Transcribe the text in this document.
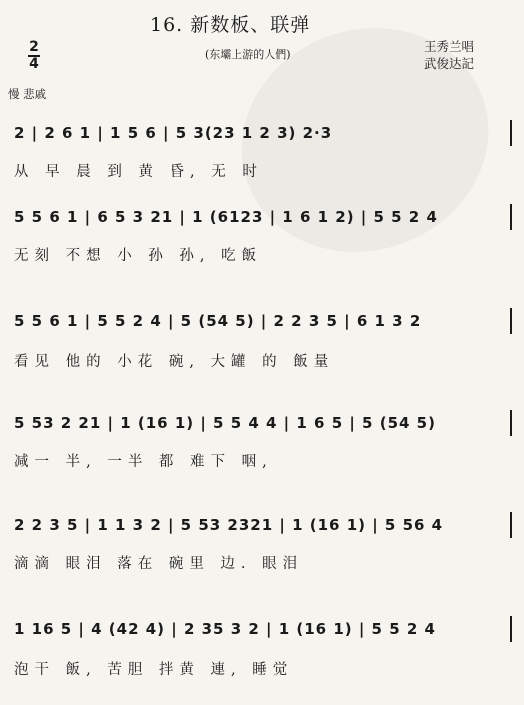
16. 新数板、联弹
(东壩上游的人們)
王秀兰唱
武俊达記
2
4
慢 悲戚
2 | 2 6 1 | 1 5 6 | 5 3(23 1 2 3) 2·3
从 早 晨 到 黄 昏, 无 时
5 5 6 1 | 6 5 3 21 | 1 (6123 | 1 6 1 2) | 5 5 2 4
无刻 不想 小 孙 孙, 吃飯
5 5 6 1 | 5 5 2 4 | 5 (54 5) | 2 2 3 5 | 6 1 3 2
看见 他的 小花 碗, 大罐 的 飯量
5 53 2 21 | 1 (16 1) | 5 5 4 4 | 1 6 5 | 5 (54 5)
减一 半, 一半 都 难下 咽,
2 2 3 5 | 1 1 3 2 | 5 53 2321 | 1 (16 1) | 5 56 4
滴滴 眼泪 落在 碗里 边. 眼泪
1 16 5 | 4 (42 4) | 2 35 3 2 | 1 (16 1) | 5 5 2 4
泡干 飯, 苦胆 拌黄 連, 睡觉
